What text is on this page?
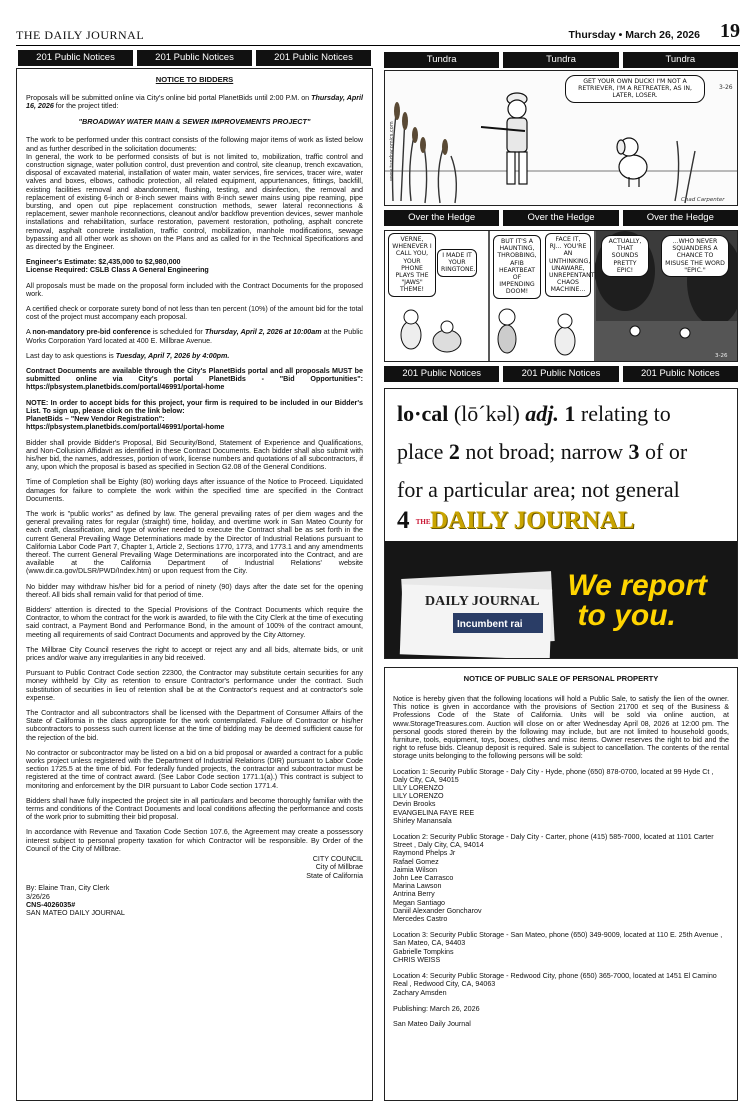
THE DAILY JOURNAL	Thursday • March 26, 2026 19
201 Public Notices	201 Public Notices	201 Public Notices	Tundra	Tundra	Tundra
NOTICE TO BIDDERS

Proposals will be submitted online via City's online bid portal PlanetBids until 2:00 P.M. on Thursday, April 16, 2026 for the project titled:

"BROADWAY WATER MAIN & SEWER IMPROVEMENTS PROJECT"

The work to be performed under this contract consists of the following major items of work as listed below and as further described in the solicitation documents:

In general, the work to be performed consists of but is not limited to, mobilization, traffic control and construction signage, water pollution control, dust prevention and control, site cleanup, trench excavation, disposal of excavated material, installation of water main, water services, fire services, tracer wire, water valves and boxes, elbows, cathodic protection, all related equipment, appurtenances, fittings, backfill, existing facilities removal and abandonment, flushing, testing, and disinfection, the removal and replacement of existing 6-inch or 8-inch sewer mains with 8-inch sewer mains using pipe reaming, pipe bursting, and open cut pipe replacement construction methods, sewer lateral reconnections & replacement, sewer manhole reconnections, cleanout and/or backflow prevention devices, sewer manhole installations and rehabilitation, surface restoration, pavement restoration, potholing, asphalt concrete removal, asphalt concrete installation, traffic control, mobilization, manhole modifications, sewage bypassing and all other work as shown on the Plans and as called for in the Technical Specifications and as directed by the Engineer.

Engineer's Estimate: $2,435,000 to $2,980,000
License Required: CSLB Class A General Engineering

All proposals must be made on the proposal form included with the Contract Documents for the proposed work.

A certified check or corporate surety bond of not less than ten percent (10%) of the amount bid for the total cost of the project must accompany each proposal.

A non-mandatory pre-bid conference is scheduled for Thursday, April 2, 2026 at 10:00am at the Public Works Corporation Yard located at 400 E. Millbrae Avenue.

Last day to ask questions is Tuesday, April 7, 2026 by 4:00pm.

Contract Documents are available through the City's PlanetBids portal and all proposals MUST be submitted online via City's portal PlanetBids - "Bid Opportunities": https://pbsystem.planetbids.com/portal/46991/portal-home

NOTE: In order to accept bids for this project, your firm is required to be included in our Bidder's List. To sign up, please click on the link below:
PlanetBids – "New Vendor Registration":
https://pbsystem.planetbids.com/portal/46991/portal-home

Bidder shall provide Bidder's Proposal, Bid Security/Bond, Statement of Experience and Qualifications, and Non-Collusion Affidavit as identified in these Contract Documents. Each bidder shall also submit with his/her bid, the names, addresses, portion of work, license numbers and quotations of all subcontractors, if any, upon which the proposal is based as specified in Section G2.08 of the General Conditions.

Time of Completion shall be Eighty (80) working days after issuance of the Notice to Proceed. Liquidated damages for failure to complete the work within the specified time are specified in the Contract Documents.

The work is "public works" as defined by law. The general prevailing rates of per diem wages and the general prevailing rates for regular (straight) time, holiday, and overtime work in San Mateo County for each craft, classification, and type of worker needed to execute the Contract shall be as set forth in the current General Prevailing Wage Determinations made by the Director of Industrial Relations pursuant to California Labor Code Part 7, Chapter 1, Article 2, Sections 1770, 1773, and 1773.1 and any amendments thereof. The current General Prevailing Wage Determinations are incorporated into the Contract, and are available at the California Department of Industrial Relations' website (www.dir.ca.gov/DLSR/PWD/Index.htm) or upon request from the City.

No bidder may withdraw his/her bid for a period of ninety (90) days after the date set for the opening thereof. All bids shall remain valid for that period of time.

Bidders' attention is directed to the Special Provisions of the Contract Documents which require the Contractor, to whom the contract for the work is awarded, to file with the City Clerk at the time of executing said contract, a Payment Bond and Performance Bond, in the amount of 100% of the contract amount, meeting all requirements of said Contract Documents and approved by the City Attorney.

The Millbrae City Council reserves the right to accept or reject any and all bids, alternate bids, or unit prices and/or waive any irregularities in any bid received.

Pursuant to Public Contract Code section 22300, the Contractor may substitute certain securities for any money withheld by City as retention to ensure Contractor's performance under the contract. Such substitution of securities in lieu of retention shall be at the Contractor's request and at contractor's sole expense.

The Contractor and all subcontractors shall be licensed with the Department of Consumer Affairs of the State of California in the class appropriate for the work contemplated. Failure of Contractor or his/her subcontractors to possess such current license at the time of bidding may be deemed sufficient cause for the rejection of the bid.

No contractor or subcontractor may be listed on a bid on a bid proposal or awarded a contract for a public works project unless registered with the Department of Industrial Relations (DIR) pursuant to Labor Code section 1725.5 at the time of bid. For federally funded projects, the contractor and subcontractor must be registered at the time of contract award. (See Labor Code section 1771.1(a).) This contract is subject to monitoring and enforcement by the DIR pursuant to Labor Code section 1771.4.

Bidders shall have fully inspected the project site in all particulars and become thoroughly familiar with the terms and conditions of the Contract Documents and local conditions affecting the performance and costs of the work prior to submitting their bid proposal.

In accordance with Revenue and Taxation Code Section 107.6, the Agreement may create a possessory interest subject to personal property taxation for which Contractor will be responsible. By Order of the Council of the City of Millbrae.

CITY COUNCIL
City of Millbrae
State of California
By: Elaine Tran, City Clerk
3/26/26
CNS-4026035#
SAN MATEO DAILY JOURNAL
www.tundracomics.com
Chad Carpenter
3-26
GET YOUR OWN DUCK! I'M NOT A RETRIEVER, I'M A RETREATER, AS IN, LATER, LOSER.
Over the Hedge	Over the Hedge	Over the Hedge
3-26
VERNE, WHENEVER I CALL YOU, YOUR PHONE PLAYS THE "JAWS" THEME!
I MADE IT YOUR RINGTONE.
BUT IT'S A HAUNTING, THROBBING, AFIB HEARTBEAT OF IMPENDING DOOM!
FACE IT, RJ... YOU'RE AN UNTHINKING, UNAWARE, UNREPENTANT CHAOS MACHINE...
ACTUALLY, THAT SOUNDS PRETTY EPIC!
...WHO NEVER SQUANDERS A CHANCE TO MISUSE THE WORD "EPIC."
201 Public Notices	201 Public Notices	201 Public Notices
lo·cal (lō´kəl) adj. 1 relating to
place 2 not broad; narrow 3 of or
for a particular area; not general
4 THE DAILY JOURNAL
DAILY JOURNAL
Incumbent rai
We report
to you.
NOTICE OF PUBLIC SALE OF PERSONAL PROPERTY

Notice is hereby given that the following locations will hold a Public Sale, to satisfy the lien of the owner. This notice is given in accordance with the provisions of Section 21700 et seq of the Business & Professions Code of the State of California. Units will be sold via online auction, at www.StorageTreasures.com. Auction will close on or after Wednesday April 08, 2026 at 12:00 pm. The personal goods stored therein by the following may include, but are not limited to household goods, furniture, tools, equipment, toys, boxes, clothes and misc items. Owner reserves the right to bid and the right to refuse bids. Cleanup deposit is required. Sale is subject to cancellation. The contents of the rental storage units belonging to the following persons will be sold:

Location 1: Security Public Storage - Daly City - Hyde, phone (650) 878-0700, located at 99 Hyde Ct , Daly City, CA, 94015
LILY LORENZO
LILY LORENZO
Devin Brooks
EVANGELINA FAYE REE
Shirley Manansala
Location 2: Security Public Storage - Daly City - Carter, phone (415) 585-7000, located at 1101 Carter Street , Daly City, CA, 94014
Raymond Phelps Jr
Rafael Gomez
Jaimia Wilson
John Lee Carrasco
Marina Lawson
Antrina Berry
Megan Santiago
Daniil Alexander Goncharov
Mercedes Castro
Location 3: Security Public Storage - San Mateo, phone (650) 349-9009, located at 110 E. 25th Avenue , San Mateo, CA, 94403
Gabrielle Tompkins
CHRIS WEISS
Location 4: Security Public Storage - Redwood City, phone (650) 365-7000, located at 1451 El Camino Real , Redwood City, CA, 94063
Zachary Amsden
Publishing: March 26, 2026
San Mateo Daily Journal
